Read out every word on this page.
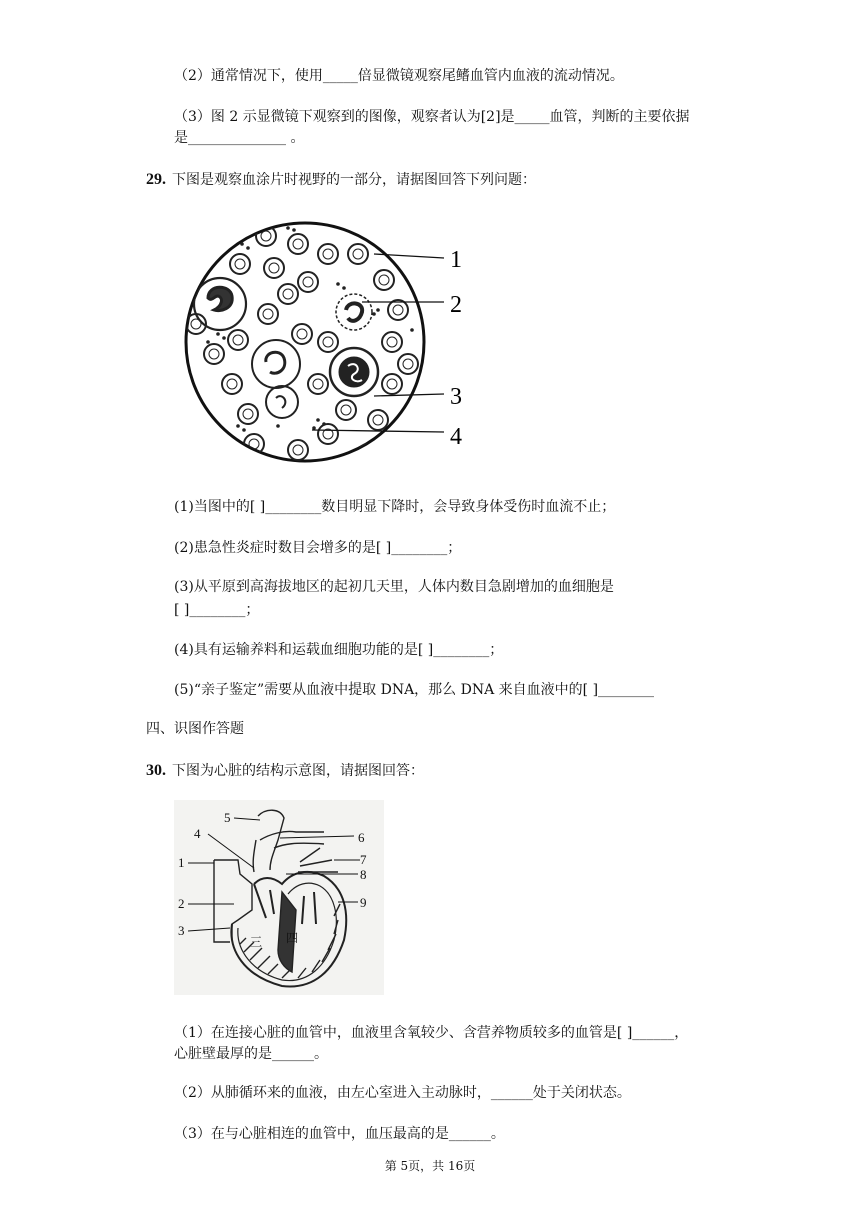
（2）通常情况下，使用_____倍显微镜观察尾鳍血管内血液的流动情况。
（3）图 2 示显微镜下观察到的图像，观察者认为[2]是_____血管，判断的主要依据
是______________ 。
29. 下图是观察血涂片时视野的一部分，请据图回答下列问题：
1
2
3
4
(1)当图中的[ ]________数目明显下降时，会导致身体受伤时血流不止；
(2)患急性炎症时数目会增多的是[ ]________；
(3)从平原到高海拔地区的起初几天里，人体内数目急剧增加的血细胞是
[ ]________；
(4)具有运输养料和运载血细胞功能的是[ ]________；
(5)“亲子鉴定”需要从血液中提取 DNA，那么 DNA 来自血液中的[ ]________
四、识图作答题
30. 下图为心脏的结构示意图，请据图回答：
5
4
1
2
3
6
7
8
9
三 四
（1）在连接心脏的血管中，血液里含氧较少、含营养物质较多的血管是[ ]______，
心脏壁最厚的是______。
（2）从肺循环来的血液，由左心室进入主动脉时，______处于关闭状态。
（3）在与心脏相连的血管中，血压最高的是______。
第 5页，共 16页
